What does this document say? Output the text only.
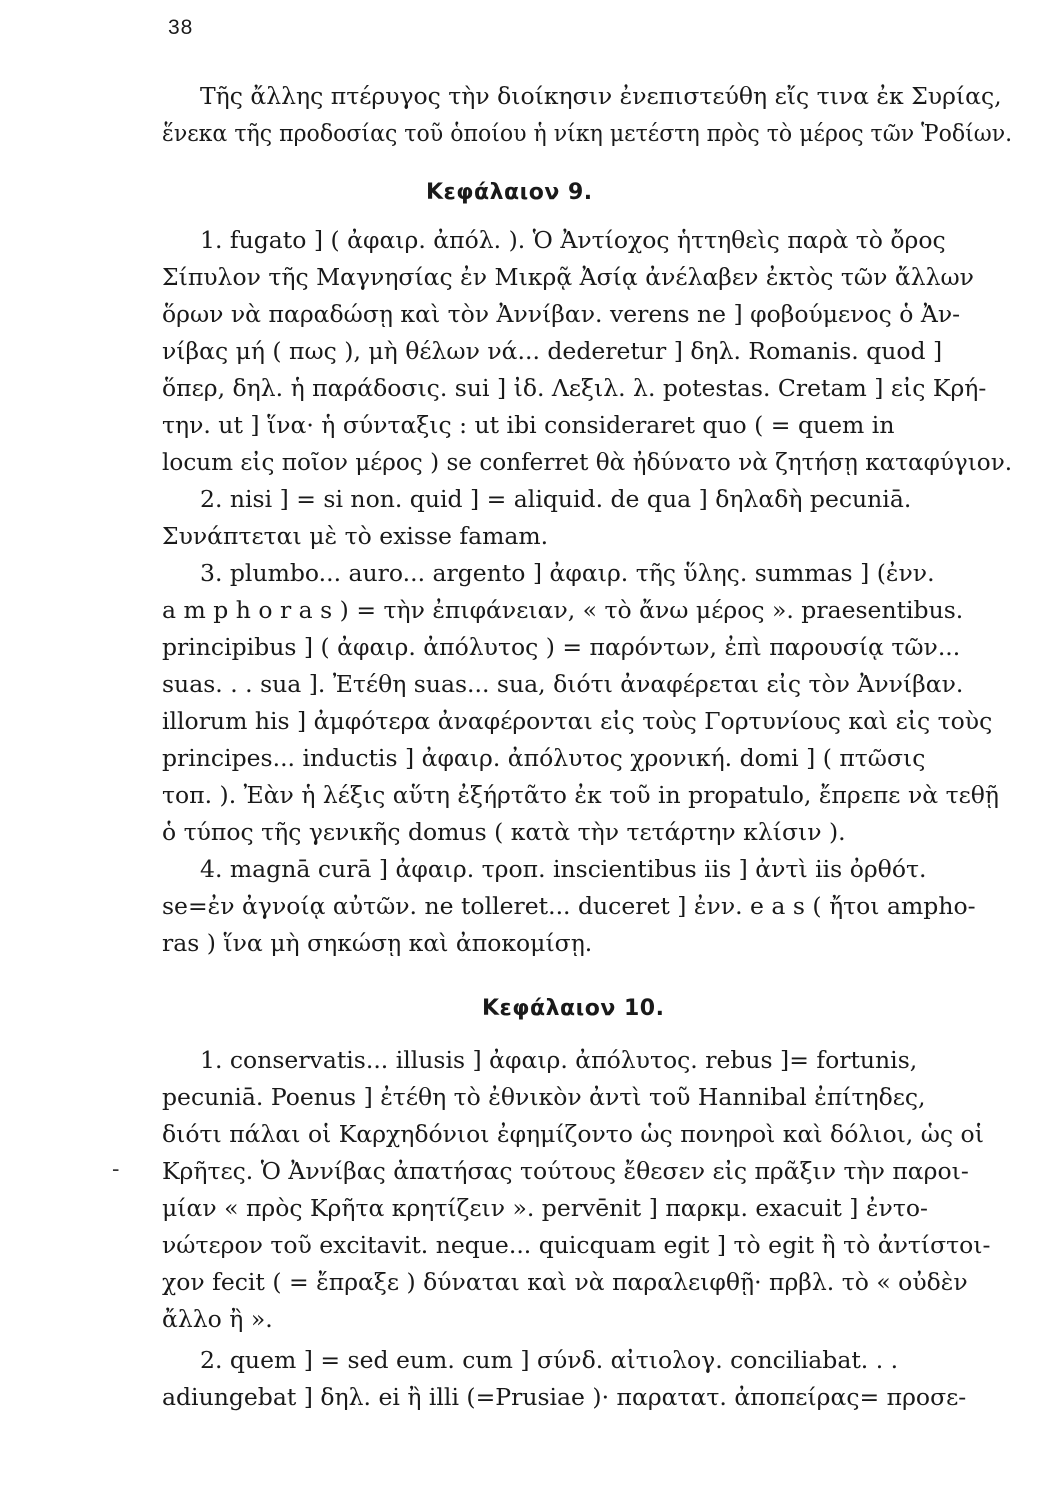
38
Τῆς ἄλλης πτέρυγος τὴν διοίκησιν ἐνεπιστεύθη εἴς τινα ἐκ Συρίας,
ἕνεκα τῆς προδοσίας τοῦ ὁποίου ἡ νίκη μετέστη πρὸς τὸ μέρος τῶν Ῥοδίων.
Κεφάλαιον 9.
1. fugato ] ( ἀφαιρ. ἀπόλ. ). Ὁ Ἀντίοχος ἡττηθεὶς παρὰ τὸ ὄρος
Σίπυλον τῆς Μαγνησίας ἐν Μικρᾷ Ἀσίᾳ ἀνέλαβεν ἐκτὸς τῶν ἄλλων
ὅρων νὰ παραδώσῃ καὶ τὸν Ἀννίβαν. verens ne ] φοβούμενος ὁ Ἀν-
νίβας μή ( πως ), μὴ θέλων νά... dederetur ] δηλ. Romanis. quod ]
ὅπερ, δηλ. ἡ παράδοσις. sui ] ἰδ. Λεξιλ. λ. potestas. Cretam ] εἰς Κρή-
την. ut ] ἵνα· ἡ σύνταξις : ut ibi consideraret quo ( = quem in
locum εἰς ποῖον μέρος ) se conferret θὰ ἠδύνατο νὰ ζητήσῃ καταφύγιον.
2. nisi ] = si non. quid ] = aliquid. de qua ] δηλαδὴ pecuniā.
Συνάπτεται μὲ τὸ exisse famam.
3. plumbo... auro... argento ] ἀφαιρ. τῆς ὕλης. summas ] (ἐνν.
a m p h o r a s ) = τὴν ἐπιφάνειαν, « τὸ ἄνω μέρος ». praesentibus.
principibus ] ( ἀφαιρ. ἀπόλυτος ) = παρόντων, ἐπὶ παρουσίᾳ τῶν...
suas. . . sua ]. Ἐτέθη suas... sua, διότι ἀναφέρεται εἰς τὸν Ἀννίβαν.
illorum his ] ἀμφότερα ἀναφέρονται εἰς τοὺς Γορτυνίους καὶ εἰς τοὺς
principes... inductis ] ἀφαιρ. ἀπόλυτος χρονική. domi ] ( πτῶσις
τοπ. ). Ἐὰν ἡ λέξις αὕτη ἐξήρτᾶτο ἐκ τοῦ in propatulo, ἔπρεπε νὰ τεθῇ
ὁ τύπος τῆς γενικῆς domus ( κατὰ τὴν τετάρτην κλίσιν ).
4. magnā curā ] ἀφαιρ. τροπ. inscientibus iis ] ἀντὶ iis ὀρθότ.
se=ἐν ἀγνοίᾳ αὐτῶν. ne tolleret... duceret ] ἐνν. e a s ( ἤτοι ampho-
ras ) ἵνα μὴ σηκώσῃ καὶ ἀποκομίσῃ.
Κεφάλαιον 10.
1. conservatis... illusis ] ἀφαιρ. ἀπόλυτος. rebus ]= fortunis,
pecuniā. Poenus ] ἐτέθη τὸ ἐθνικὸν ἀντὶ τοῦ Hannibal ἐπίτηδες,
διότι πάλαι οἱ Καρχηδόνιοι ἐφημίζοντο ὡς πονηροὶ καὶ δόλιοι, ὡς οἱ
- Κρῆτες. Ὁ Ἀννίβας ἀπατήσας τούτους ἔθεσεν εἰς πρᾶξιν τὴν παροι-
μίαν « πρὸς Κρῆτα κρητίζειν ». pervēnit ] παρκμ. exacuit ] ἐντο-
νώτερον τοῦ excitavit. neque... quicquam egit ] τὸ egit ἢ τὸ ἀντίστοι-
χον fecit ( = ἔπραξε ) δύναται καὶ νὰ παραλειφθῇ· πρβλ. τὸ « οὐδὲν
ἄλλο ἢ ».
2. quem ] = sed eum. cum ] σύνδ. αἰτιολογ. conciliabat. . .
adiungebat ] δηλ. ei ἢ illi (=Prusiae )· παρατατ. ἀποπείρας= προσε-
